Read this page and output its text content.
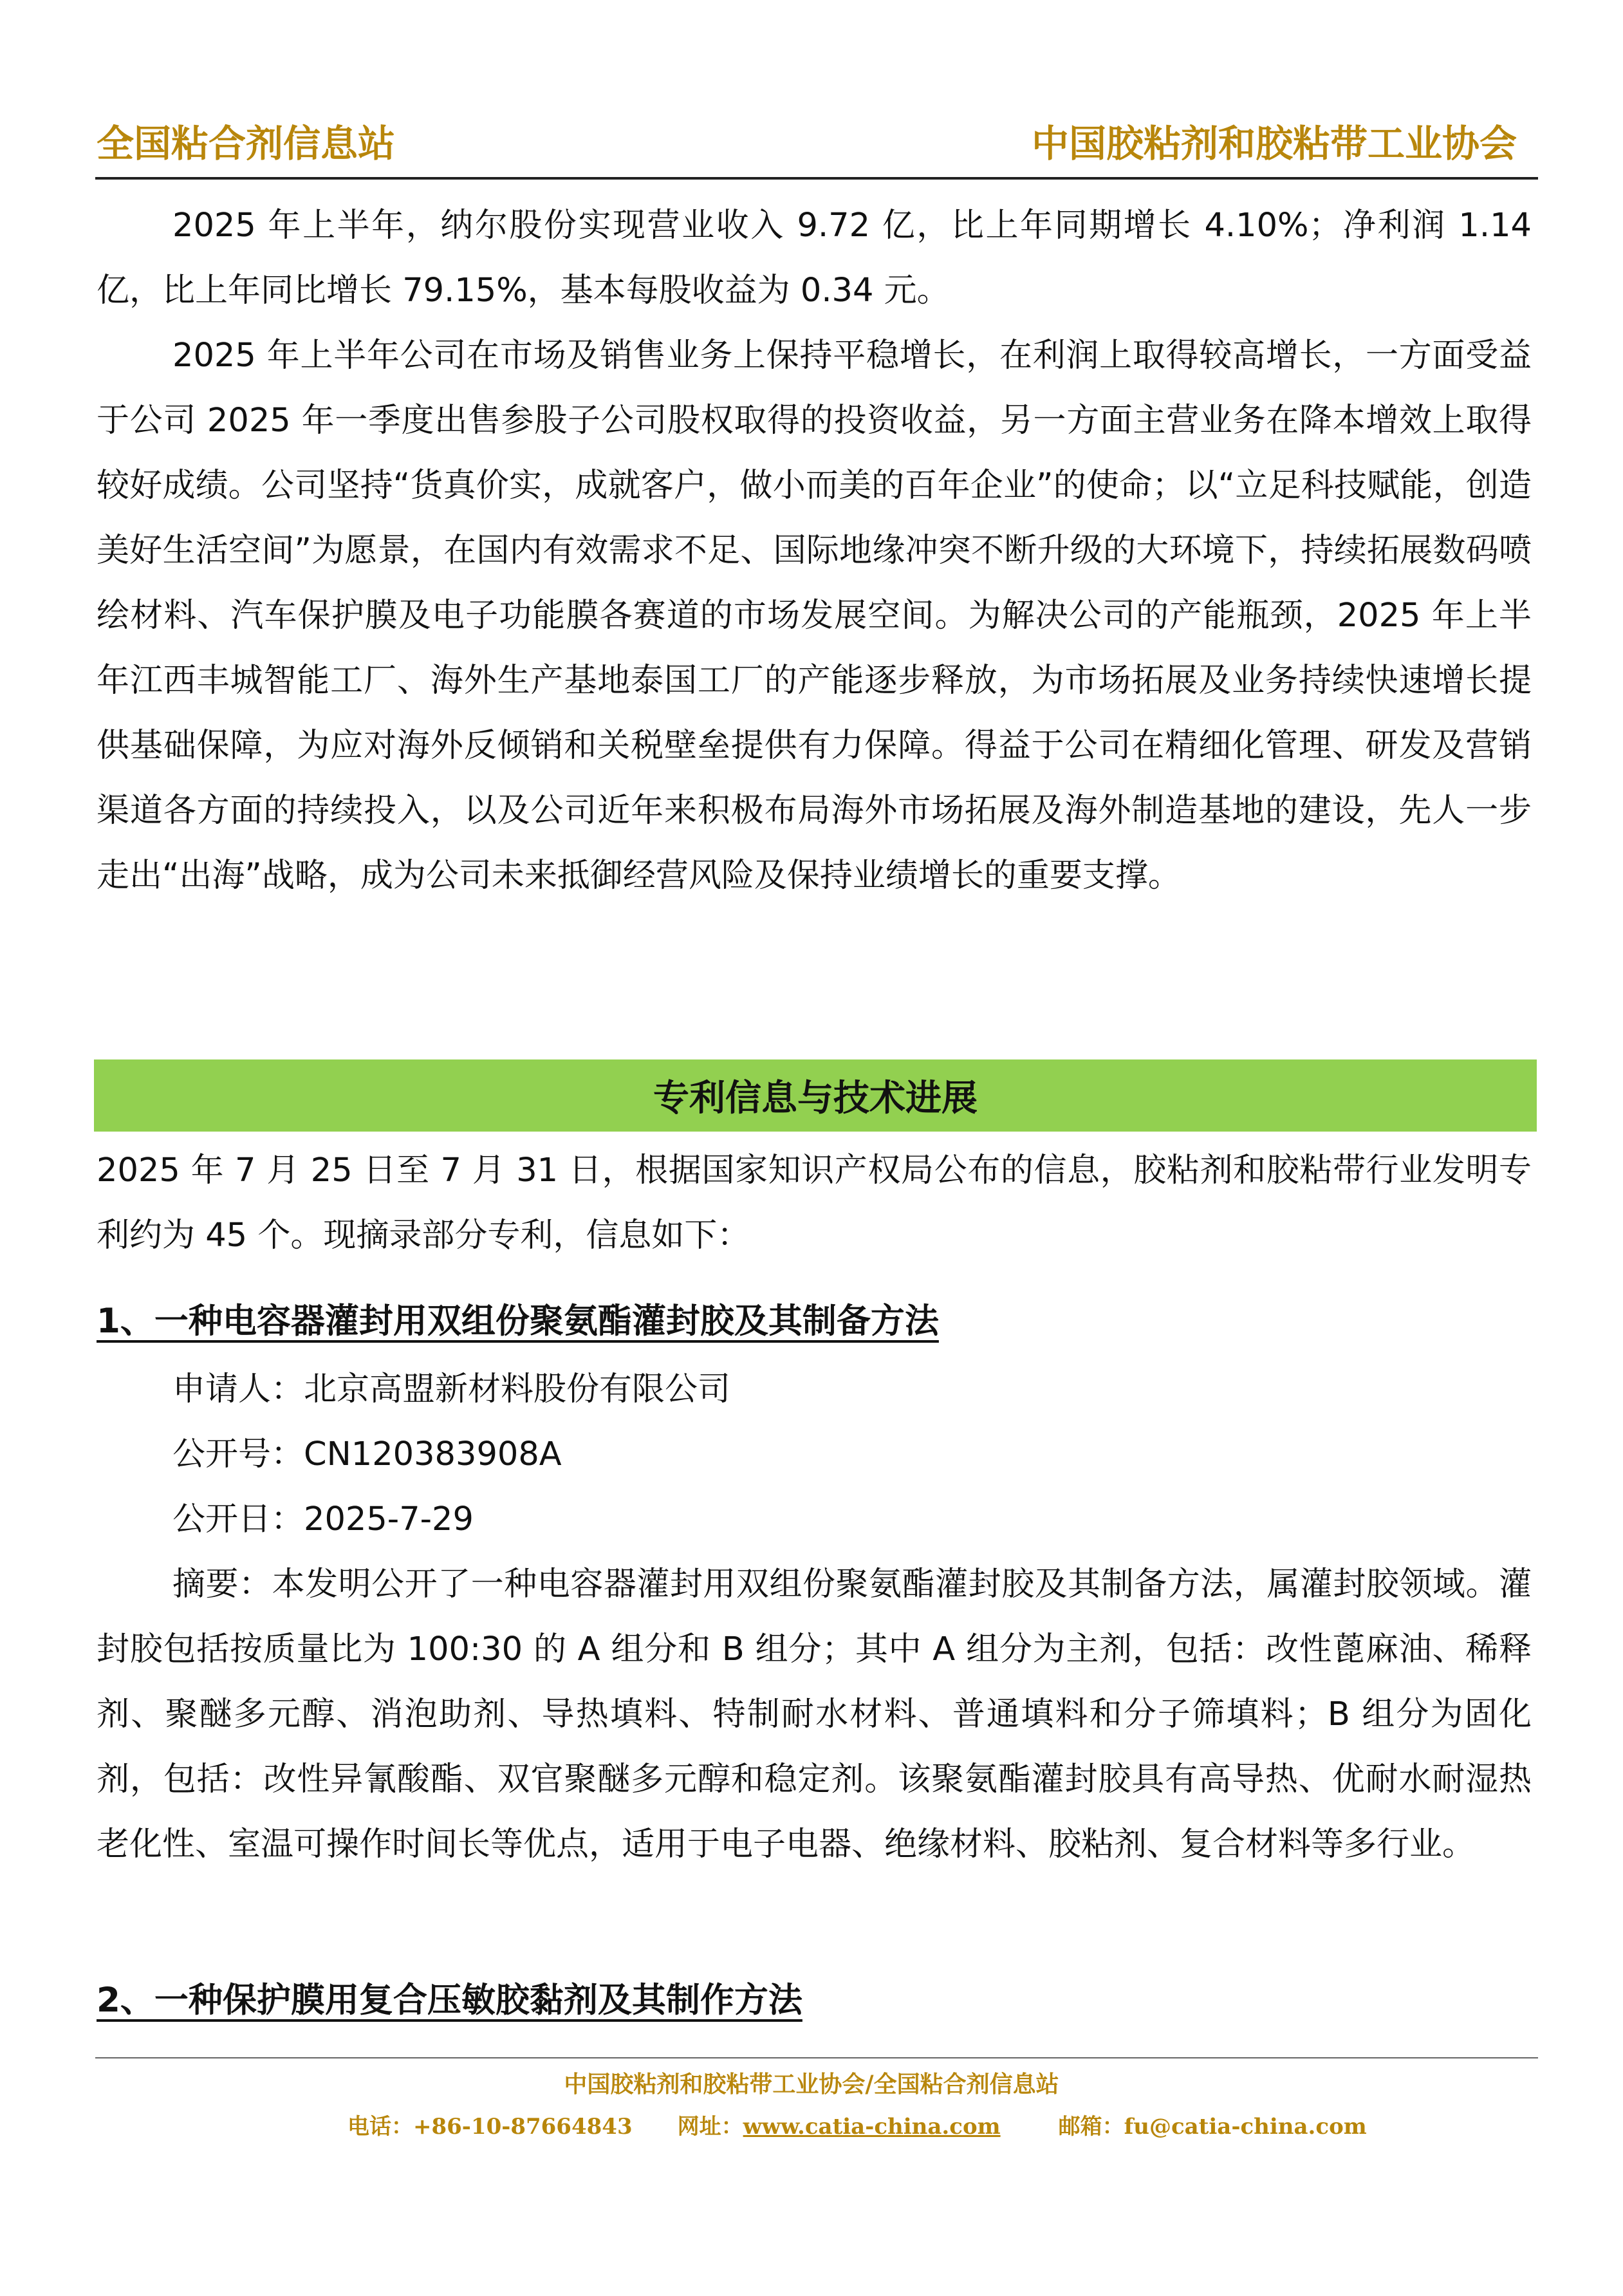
全国粘合剂信息站	中国胶粘剂和胶粘带工业协会

2025 年上半年，纳尔股份实现营业收入 9.72 亿，比上年同期增长 4.10%；净利润 1.14 亿，比上年同比增长 79.15%，基本每股收益为 0.34 元。

2025 年上半年公司在市场及销售业务上保持平稳增长，在利润上取得较高增长，一方面受益于公司 2025 年一季度出售参股子公司股权取得的投资收益，另一方面主营业务在降本增效上取得较好成绩。公司坚持“货真价实，成就客户，做小而美的百年企业”的使命；以“立足科技赋能，创造美好生活空间”为愿景，在国内有效需求不足、国际地缘冲突不断升级的大环境下，持续拓展数码喷绘材料、汽车保护膜及电子功能膜各赛道的市场发展空间。为解决公司的产能瓶颈，2025 年上半年江西丰城智能工厂、海外生产基地泰国工厂的产能逐步释放，为市场拓展及业务持续快速增长提供基础保障，为应对海外反倾销和关税壁垒提供有力保障。得益于公司在精细化管理、研发及营销渠道各方面的持续投入，以及公司近年来积极布局海外市场拓展及海外制造基地的建设，先人一步走出“出海”战略，成为公司未来抵御经营风险及保持业绩增长的重要支撑。

专利信息与技术进展

2025 年 7 月 25 日至 7 月 31 日，根据国家知识产权局公布的信息，胶粘剂和胶粘带行业发明专利约为 45 个。现摘录部分专利，信息如下：

1、一种电容器灌封用双组份聚氨酯灌封胶及其制备方法
申请人：北京高盟新材料股份有限公司
公开号：CN120383908A
公开日：2025-7-29

摘要：本发明公开了一种电容器灌封用双组份聚氨酯灌封胶及其制备方法，属灌封胶领域。灌封胶包括按质量比为 100:30 的 A 组分和 B 组分；其中 A 组分为主剂，包括：改性蓖麻油、稀释剂、聚醚多元醇、消泡助剂、导热填料、特制耐水材料、普通填料和分子筛填料；B 组分为固化剂，包括：改性异氰酸酯、双官聚醚多元醇和稳定剂。该聚氨酯灌封胶具有高导热、优耐水耐湿热老化性、室温可操作时间长等优点，适用于电子电器、绝缘材料、胶粘剂、复合材料等多行业。

2、一种保护膜用复合压敏胶黏剂及其制作方法
中国胶粘剂和胶粘带工业协会/全国粘合剂信息站
电话：+86-10-87664843 网址：www.catia-china.com	邮箱：fu@catia-china.com
